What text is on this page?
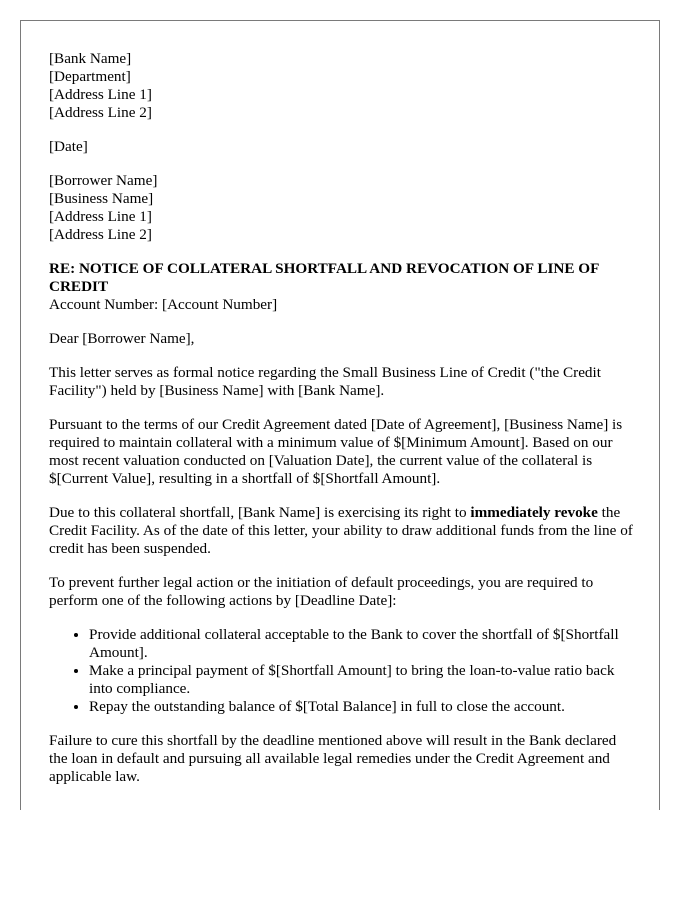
[Bank Name]
[Department]
[Address Line 1]
[Address Line 2]
[Date]
[Borrower Name]
[Business Name]
[Address Line 1]
[Address Line 2]
RE: NOTICE OF COLLATERAL SHORTFALL AND REVOCATION OF LINE OF CREDIT
Account Number: [Account Number]

Dear [Borrower Name],

This letter serves as formal notice regarding the Small Business Line of Credit ("the Credit Facility") held by [Business Name] with [Bank Name].

Pursuant to the terms of our Credit Agreement dated [Date of Agreement], [Business Name] is required to maintain collateral with a minimum value of $[Minimum Amount]. Based on our most recent valuation conducted on [Valuation Date], the current value of the collateral is $[Current Value], resulting in a shortfall of $[Shortfall Amount].

Due to this collateral shortfall, [Bank Name] is exercising its right to immediately revoke the Credit Facility. As of the date of this letter, your ability to draw additional funds from the line of credit has been suspended.

To prevent further legal action or the initiation of default proceedings, you are required to perform one of the following actions by [Deadline Date]:

• Provide additional collateral acceptable to the Bank to cover the shortfall of $[Shortfall Amount].
• Make a principal payment of $[Shortfall Amount] to bring the loan-to-value ratio back into compliance.
• Repay the outstanding balance of $[Total Balance] in full to close the account.

Failure to cure this shortfall by the deadline mentioned above will result in the Bank declared the loan in default and pursuing all available legal remedies under the Credit Agreement and applicable law.
